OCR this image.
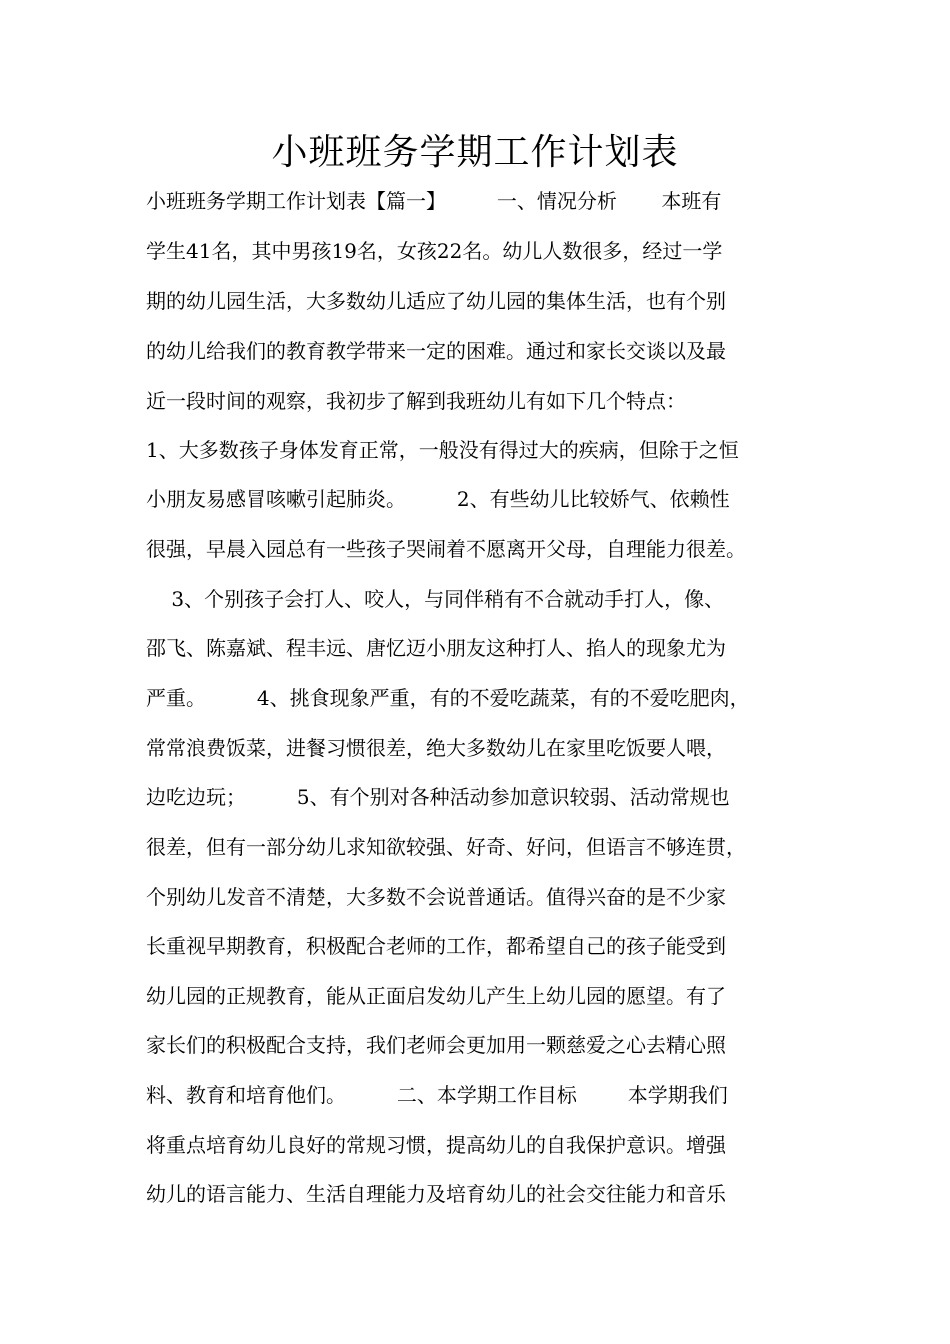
小班班务学期工作计划表
小班班务学期工作计划表【篇一】        一、情况分析       本班有
学生41名，其中男孩19名，女孩22名。幼儿人数很多，经过一学
期的幼儿园生活，大多数幼儿适应了幼儿园的集体生活，也有个别
的幼儿给我们的教育教学带来一定的困难。通过和家长交谈以及最
近一段时间的观察，我初步了解到我班幼儿有如下几个特点：
1、大多数孩子身体发育正常，一般没有得过大的疾病，但除于之恒
小朋友易感冒咳嗽引起肺炎。        2、有些幼儿比较娇气、依赖性
很强，早晨入园总有一些孩子哭闹着不愿离开父母，自理能力很差。
3、个别孩子会打人、咬人，与同伴稍有不合就动手打人，像、
邵飞、陈嘉斌、程丰远、唐忆迈小朋友这种打人、掐人的现象尤为
严重。        4、挑食现象严重，有的不爱吃蔬菜，有的不爱吃肥肉，
常常浪费饭菜，进餐习惯很差，绝大多数幼儿在家里吃饭要人喂，
边吃边玩；        5、有个别对各种活动参加意识较弱、活动常规也
很差，但有一部分幼儿求知欲较强、好奇、好问，但语言不够连贯，
个别幼儿发音不清楚，大多数不会说普通话。值得兴奋的是不少家
长重视早期教育，积极配合老师的工作，都希望自己的孩子能受到
幼儿园的正规教育，能从正面启发幼儿产生上幼儿园的愿望。有了
家长们的积极配合支持，我们老师会更加用一颗慈爱之心去精心照
料、教育和培育他们。        二、本学期工作目标        本学期我们
将重点培育幼儿良好的常规习惯，提高幼儿的自我保护意识。增强
幼儿的语言能力、生活自理能力及培育幼儿的社会交往能力和音乐
